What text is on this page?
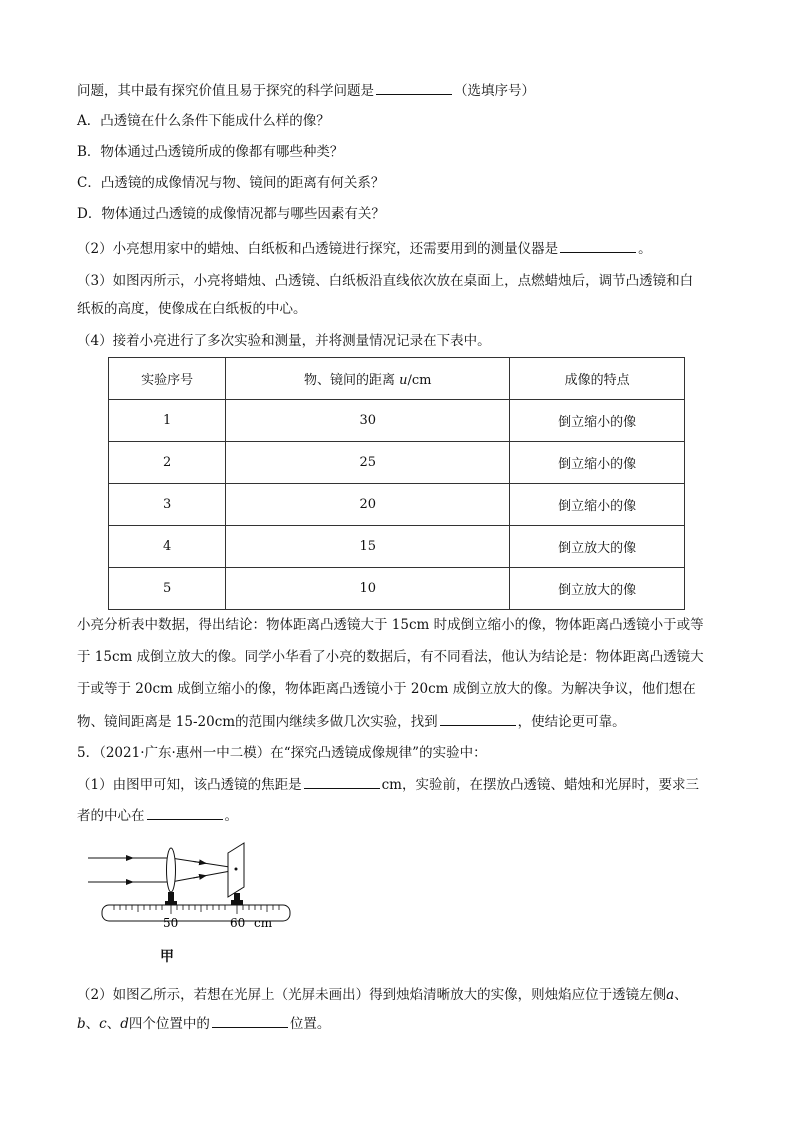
问题，其中最有探究价值且易于探究的科学问题是	（选填序号）
A．凸透镜在什么条件下能成什么样的像？
B．物体通过凸透镜所成的像都有哪些种类？
C．凸透镜的成像情况与物、镜间的距离有何关系？
D．物体通过凸透镜的成像情况都与哪些因素有关？
（2）小亮想用家中的蜡烛、白纸板和凸透镜进行探究，还需要用到的测量仪器是	。
（3）如图丙所示，小亮将蜡烛、凸透镜、白纸板沿直线依次放在桌面上，点燃蜡烛后，调节凸透镜和白
纸板的高度，使像成在白纸板的中心。
（4）接着小亮进行了多次实验和测量，并将测量情况记录在下表中。
实验序号	物、镜间的距离 u/cm	成像的特点
1	30	倒立缩小的像
2	25	倒立缩小的像
3	20	倒立缩小的像
4	15	倒立放大的像
5	10	倒立放大的像
小亮分析表中数据，得出结论：物体距离凸透镜大于 15cm 时成倒立缩小的像，物体距离凸透镜小于或等
于 15cm 成倒立放大的像。同学小华看了小亮的数据后，有不同看法，他认为结论是：物体距离凸透镜大
于或等于 20cm 成倒立缩小的像，物体距离凸透镜小于 20cm 成倒立放大的像。为解决争议，他们想在
物、镜间距离是 15-20cm的范围内继续多做几次实验，找到	，使结论更可靠。
5．（2021·广东·惠州一中二模）在“探究凸透镜成像规律”的实验中：
（1）由图甲可知，该凸透镜的焦距是	cm，实验前，在摆放凸透镜、蜡烛和光屏时，要求三
者的中心在	。
50	60 cm
甲
（2）如图乙所示，若想在光屏上（光屏未画出）得到烛焰清晰放大的实像，则烛焰应位于透镜左侧a、
b、c、d四个位置中的	位置。
